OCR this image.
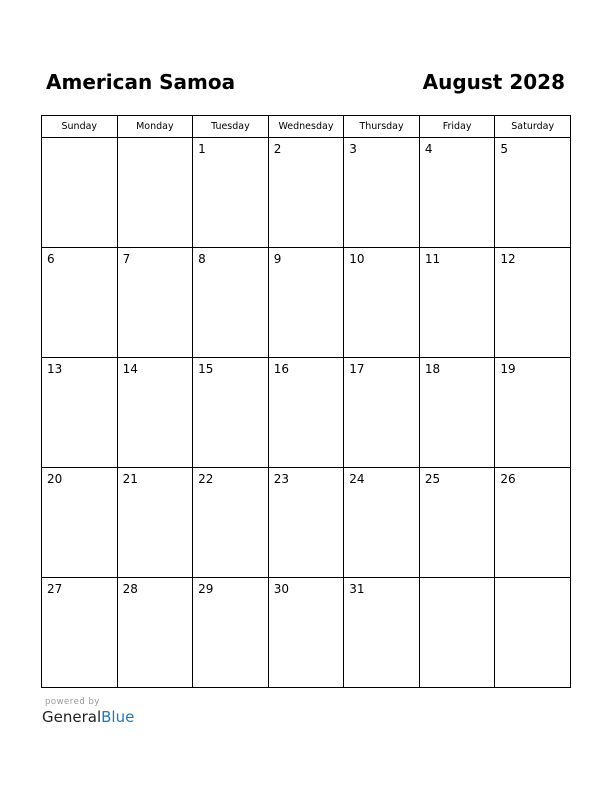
American Samoa	August 2028
Sunday	Monday	Tuesday	Wednesday	Thursday	Friday	Saturday

		1	2	3	4	5

6	7	8	9	10	11	12

13	14	15	16	17	18	19

20	21	22	23	24	25	26

27	28	29	30	31		

powered by
GeneralBlue
